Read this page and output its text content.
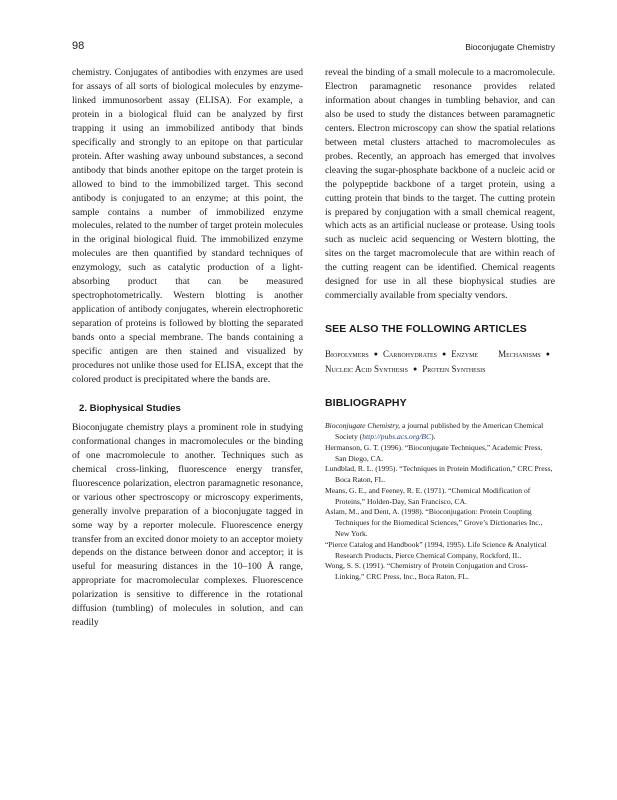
98	Bioconjugate Chemistry

chemistry. Conjugates of antibodies with enzymes are used for assays of all sorts of biological molecules by enzyme-linked immunosorbent assay (ELISA). For example, a protein in a biological fluid can be analyzed by first trapping it using an immobilized antibody that binds specifically and strongly to an epitope on that particular protein. After washing away unbound substances, a second antibody that binds another epitope on the target protein is allowed to bind to the immobilized target. This second antibody is conjugated to an enzyme; at this point, the sample contains a number of immobilized enzyme molecules, related to the number of target protein molecules in the original biological fluid. The immobilized enzyme molecules are then quantified by standard techniques of enzymology, such as catalytic production of a light-absorbing product that can be measured spectrophotometrically. Western blotting is another application of antibody conjugates, wherein electrophoretic separation of proteins is followed by blotting the separated bands onto a special membrane. The bands containing a specific antigen are then stained and visualized by procedures not unlike those used for ELISA, except that the colored product is precipitated where the bands are.

2. Biophysical Studies

Bioconjugate chemistry plays a prominent role in studying conformational changes in macromolecules or the binding of one macromolecule to another. Techniques such as chemical cross-linking, fluorescence energy transfer, fluorescence polarization, electron paramagnetic resonance, or various other spectroscopy or microscopy experiments, generally involve preparation of a bioconjugate tagged in some way by a reporter molecule. Fluorescence energy transfer from an excited donor moiety to an acceptor moiety depends on the distance between donor and acceptor; it is useful for measuring distances in the 10–100 Å range, appropriate for macromolecular complexes. Fluorescence polarization is sensitive to difference in the rotational diffusion (tumbling) of molecules in solution, and can readily

reveal the binding of a small molecule to a macromolecule. Electron paramagnetic resonance provides related information about changes in tumbling behavior, and can also be used to study the distances between paramagnetic centers. Electron microscopy can show the spatial relations between metal clusters attached to macromolecules as probes. Recently, an approach has emerged that involves cleaving the sugar-phosphate backbone of a nucleic acid or the polypeptide backbone of a target protein, using a cutting protein that binds to the target. The cutting protein is prepared by conjugation with a small chemical reagent, which acts as an artificial nuclease or protease. Using tools such as nucleic acid sequencing or Western blotting, the sites on the target macromolecule that are within reach of the cutting reagent can be identified. Chemical reagents designed for use in all these biophysical studies are commercially available from specialty vendors.

SEE ALSO THE FOLLOWING ARTICLES
Biopolymers ● Carbohydrates ● Enzyme Mechanisms ●Nucleic Acid Synthesis ● Protein Synthesis
BIBLIOGRAPHY
Bioconjugate Chemistry, a journal published by the American Chemical Society (http://pubs.acs.org/BC).
Hermanson, G. T. (1996). “Bioconjugate Techniques,” Academic Press, San Diego, CA.
Lundblad, R. L. (1995). “Techniques in Protein Modification,” CRC Press, Boca Raton, FL.
Means, G. E., and Feeney, R. E. (1971). “Chemical Modification of Proteins,” Holden-Day, San Francisco, CA.
Aslam, M., and Dent, A. (1998). “Bioconjugation: Protein Coupling Techniques for the Biomedical Sciences,” Grove’s Dictionaries Inc., New York.
“Pierce Catalog and Handbook” (1994, 1995). Life Science & Analytical Research Products, Pierce Chemical Company, Rockford, IL.
Wong, S. S. (1991). “Chemistry of Protein Conjugation and Cross-Linking,” CRC Press, Inc., Boca Raton, FL.
